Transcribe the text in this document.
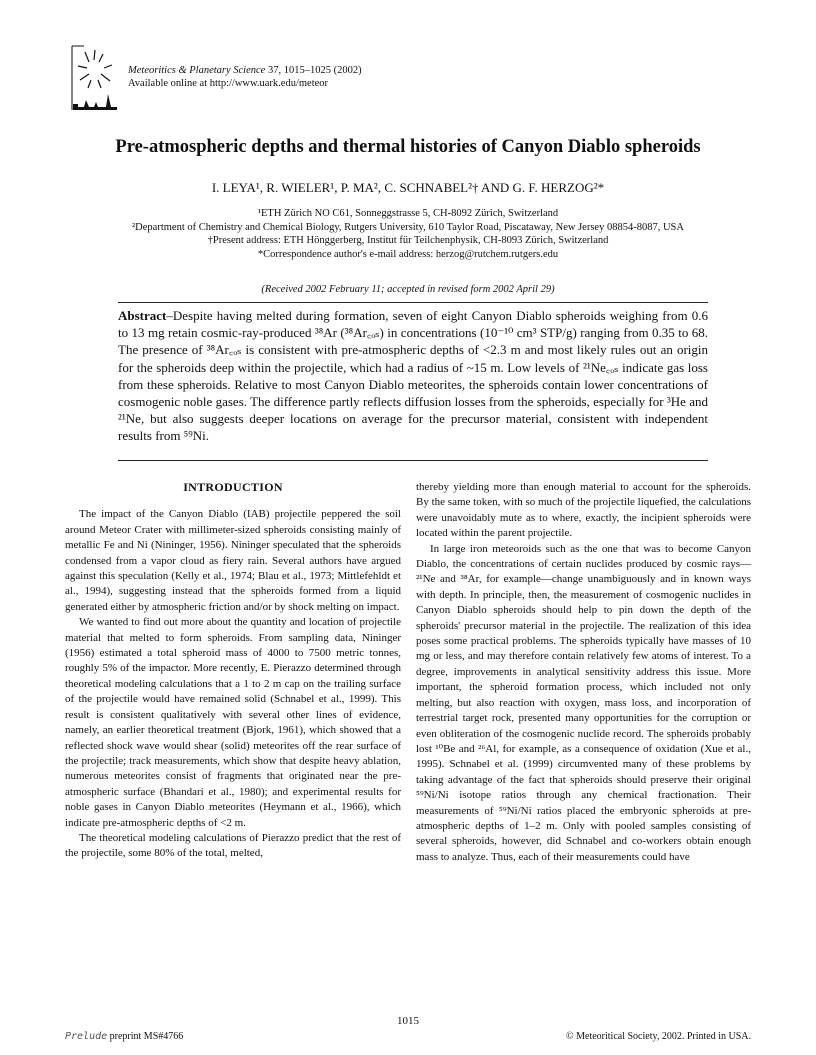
Meteoritics & Planetary Science 37, 1015–1025 (2002)
Available online at http://www.uark.edu/meteor
Pre-atmospheric depths and thermal histories of Canyon Diablo spheroids
I. LEYA¹, R. WIELER¹, P. MA², C. SCHNABEL²† AND G. F. HERZOG²*
¹ETH Zürich NO C61, Sonneggstrasse 5, CH-8092 Zürich, Switzerland
²Department of Chemistry and Chemical Biology, Rutgers University, 610 Taylor Road, Piscataway, New Jersey 08854-8087, USA
†Present address: ETH Hönggerberg, Institut für Teilchenphysik, CH-8093 Zürich, Switzerland
*Correspondence author's e-mail address: herzog@rutchem.rutgers.edu
(Received 2002 February 11; accepted in revised form 2002 April 29)
Abstract–Despite having melted during formation, seven of eight Canyon Diablo spheroids weighing from 0.6 to 13 mg retain cosmic-ray-produced ³⁸Ar (³⁸Ar꜀ₒₛ) in concentrations (10⁻¹⁰ cm³ STP/g) ranging from 0.35 to 68. The presence of ³⁸Ar꜀ₒₛ is consistent with pre-atmospheric depths of <2.3 m and most likely rules out an origin for the spheroids deep within the projectile, which had a radius of ~15 m. Low levels of ²¹Ne꜀ₒₛ indicate gas loss from these spheroids. Relative to most Canyon Diablo meteorites, the spheroids contain lower concentrations of cosmogenic noble gases. The difference partly reflects diffusion losses from the spheroids, especially for ³He and ²¹Ne, but also suggests deeper locations on average for the precursor material, consistent with independent results from ⁵⁹Ni.
INTRODUCTION

The impact of the Canyon Diablo (IAB) projectile peppered the soil around Meteor Crater with millimeter-sized spheroids consisting mainly of metallic Fe and Ni (Nininger, 1956). Nininger speculated that the spheroids condensed from a vapor cloud as fiery rain. Several authors have argued against this speculation (Kelly et al., 1974; Blau et al., 1973; Mittlefehldt et al., 1994), suggesting instead that the spheroids formed from a liquid generated either by atmospheric friction and/or by shock melting on impact.

We wanted to find out more about the quantity and location of projectile material that melted to form spheroids. From sampling data, Nininger (1956) estimated a total spheroid mass of 4000 to 7500 metric tonnes, roughly 5% of the impactor. More recently, E. Pierazzo determined through theoretical modeling calculations that a 1 to 2 m cap on the trailing surface of the projectile would have remained solid (Schnabel et al., 1999). This result is consistent qualitatively with several other lines of evidence, namely, an earlier theoretical treatment (Bjork, 1961), which showed that a reflected shock wave would shear (solid) meteorites off the rear surface of the projectile; track measurements, which show that despite heavy ablation, numerous meteorites consist of fragments that originated near the pre-atmospheric surface (Bhandari et al., 1980); and experimental results for noble gases in Canyon Diablo meteorites (Heymann et al., 1966), which indicate pre-atmospheric depths of <2 m.

The theoretical modeling calculations of Pierazzo predict that the rest of the projectile, some 80% of the total, melted,

thereby yielding more than enough material to account for the spheroids. By the same token, with so much of the projectile liquefied, the calculations were unavoidably mute as to where, exactly, the incipient spheroids were located within the parent projectile.

In large iron meteoroids such as the one that was to become Canyon Diablo, the concentrations of certain nuclides produced by cosmic rays—²¹Ne and ³⁸Ar, for example—change unambiguously and in known ways with depth. In principle, then, the measurement of cosmogenic nuclides in Canyon Diablo spheroids should help to pin down the depth of the spheroids' precursor material in the projectile. The realization of this idea poses some practical problems. The spheroids typically have masses of 10 mg or less, and may therefore contain relatively few atoms of interest. To a degree, improvements in analytical sensitivity address this issue. More important, the spheroid formation process, which included not only melting, but also reaction with oxygen, mass loss, and incorporation of terrestrial target rock, presented many opportunities for the corruption or even obliteration of the cosmogenic nuclide record. The spheroids probably lost ¹⁰Be and ²⁶Al, for example, as a consequence of oxidation (Xue et al., 1995). Schnabel et al. (1999) circumvented many of these problems by taking advantage of the fact that spheroids should preserve their original ⁵⁹Ni/Ni isotope ratios through any chemical fractionation. Their measurements of ⁵⁹Ni/Ni ratios placed the embryonic spheroids at pre-atmospheric depths of 1–2 m. Only with pooled samples consisting of several spheroids, however, did Schnabel and co-workers obtain enough mass to analyze. Thus, each of their measurements could have

1015
Prelude preprint MS#4766	© Meteoritical Society, 2002. Printed in USA.
